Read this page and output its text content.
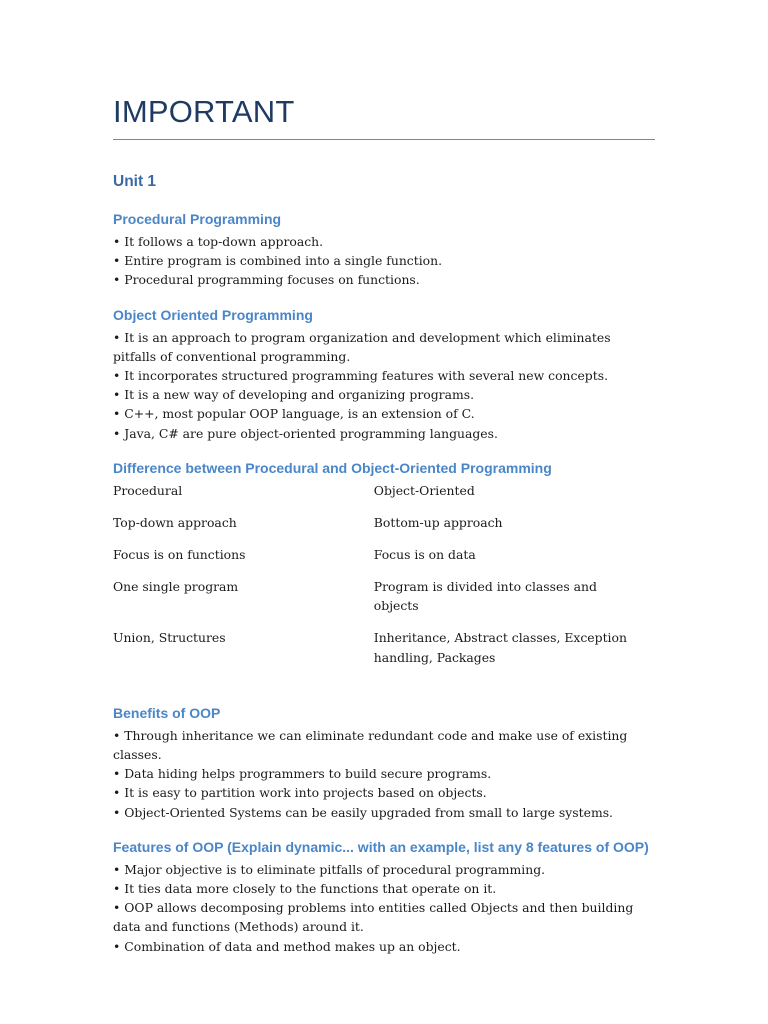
IMPORTANT
Unit 1
Procedural Programming
• It follows a top-down approach.
• Entire program is combined into a single function.
• Procedural programming focuses on functions.
Object Oriented Programming
• It is an approach to program organization and development which eliminates pitfalls of conventional programming.
• It incorporates structured programming features with several new concepts.
• It is a new way of developing and organizing programs.
• C++, most popular OOP language, is an extension of C.
• Java, C# are pure object-oriented programming languages.
Difference between Procedural and Object-Oriented Programming
Procedural	Object-Oriented
Top-down approach	Bottom-up approach
Focus is on functions	Focus is on data
One single program	Program is divided into classes and objects
Union, Structures	Inheritance, Abstract classes, Exception handling, Packages
Benefits of OOP
• Through inheritance we can eliminate redundant code and make use of existing classes.
• Data hiding helps programmers to build secure programs.
• It is easy to partition work into projects based on objects.
• Object-Oriented Systems can be easily upgraded from small to large systems.
Features of OOP (Explain dynamic... with an example, list any 8 features of OOP)
• Major objective is to eliminate pitfalls of procedural programming.
• It ties data more closely to the functions that operate on it.
• OOP allows decomposing problems into entities called Objects and then building data and functions (Methods) around it.
• Combination of data and method makes up an object.
